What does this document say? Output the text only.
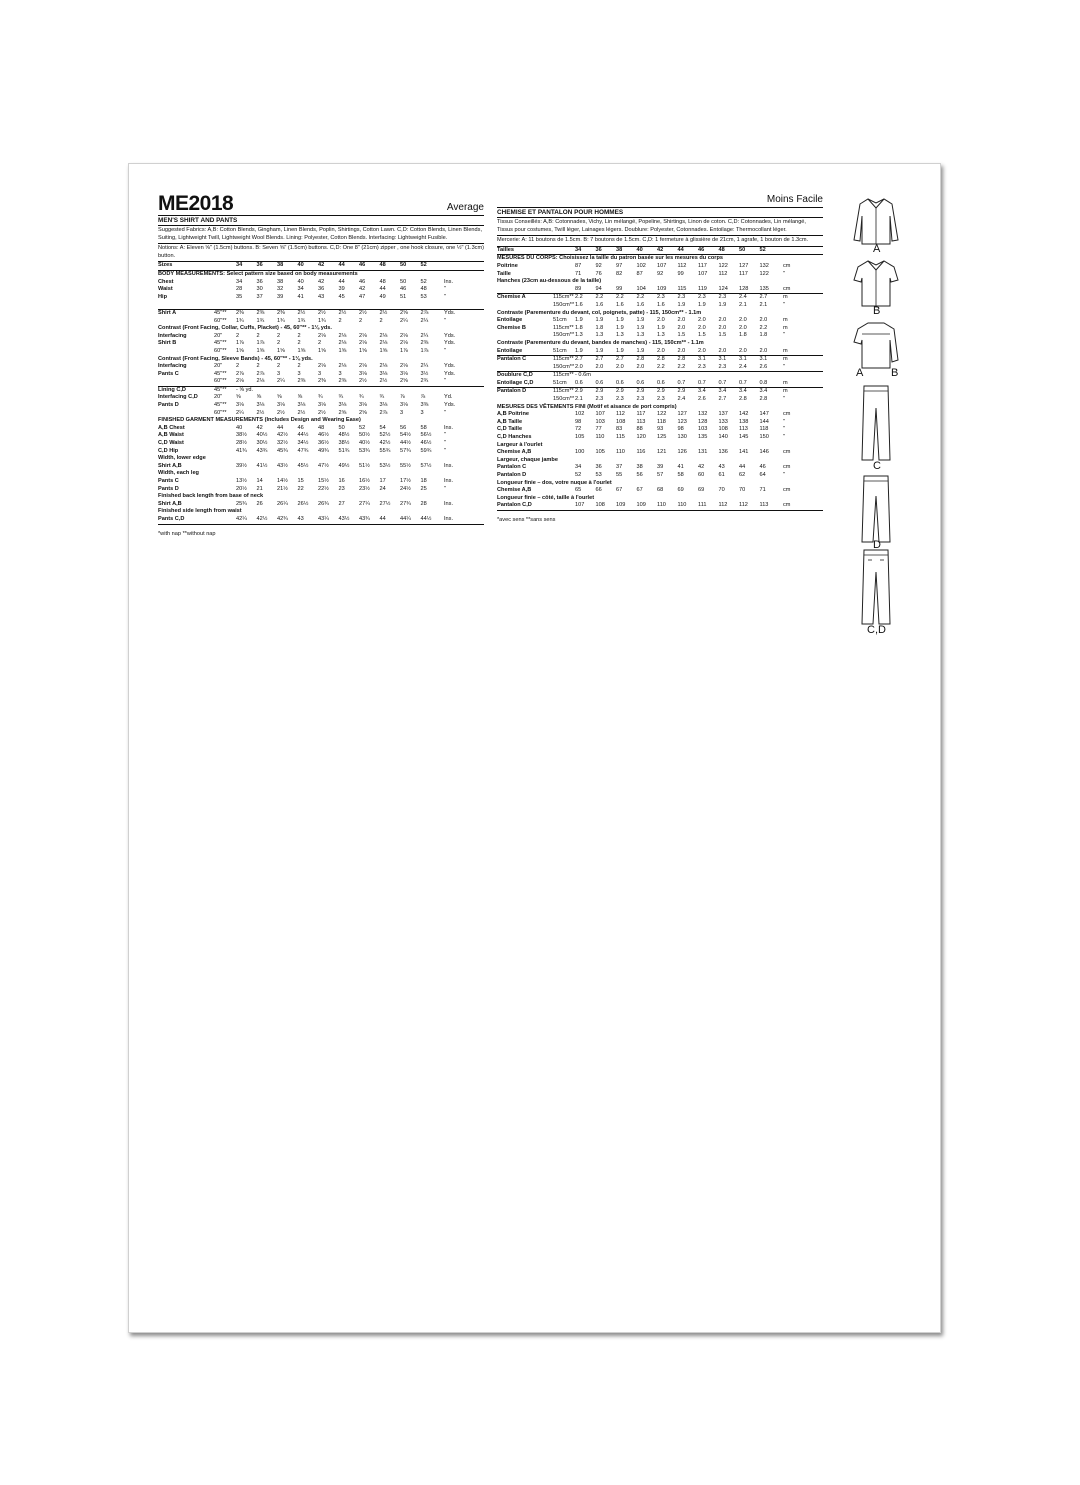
ME2018	Average
MEN'S SHIRT AND PANTS
Suggested Fabrics: A,B: Cotton Blends, Gingham, Linen Blends, Poplin, Shirtings, Cotton Lawn. C,D: Cotton Blends, Linen Blends, Suiting, Lightweight Twill, Lightweight Wool Blends. Lining: Polyester, Cotton Blends. Interfacing: Lightweight Fusible.
Notions: A: Eleven ⅝" (1.5cm) buttons. B: Seven ⅝" (1.5cm) buttons. C,D: One 8" (21cm) zipper , one hook closure, one ½" (1.3cm) button.
Sizes	34	36	38	40	42	44	46	48	50	52
BODY MEASUREMENTS: Select pattern size based on body measurements
Chest	34	36	38	40	42	44	46	48	50	52	Ins.
Waist	28	30	32	34	36	39	42	44	46	48	"
Hip	35	37	39	41	43	45	47	49	51	53	"
Shirt A	45"**	2⅜	2⅜	2⅜	2½	2½	2½	2½	2½	2⅝	2⅞	Yds.
60"**	1¾	1¾	1¾	1¾	1¾	2	2	2	2¼	2¼	"
Contrast (Front Facing, Collar, Cuffs, Placket) - 45, 60"** - 1⅛ yds.
Interfacing	20"	2	2	2	2	2⅛	2⅛	2⅛	2⅛	2⅛	2¼	Yds.
Shirt B	45"**	1⅞	1⅞	2	2	2	2⅛	2⅛	2⅛	2⅛	2⅜	Yds.
60"**	1⅝	1⅝	1⅝	1⅝	1⅝	1⅝	1⅝	1⅝	1⅞	1⅞	"
Contrast (Front Facing, Sleeve Bands) - 45, 60"** - 1⅛ yds.
Interfacing	20"	2	2	2	2	2⅛	2⅛	2⅛	2⅛	2⅛	2¼	Yds.
Pants C	45"**	2⅞	2⅞	3	3	3	3	3⅛	3⅛	3⅛	3½	Yds.
60"**	2⅛	2⅛	2¼	2⅜	2⅜	2⅜	2½	2½	2⅝	2¾	"
Lining C,D	45"**	- ⅝ yd.
Interfacing C,D	20"	⅝	⅝	⅝	⅝	¾	¾	¾	¾	⅞	⅞	Yd.
Pants D	45"**	3⅛	3⅛	3⅛	3⅛	3⅛	3⅛	3⅛	3⅛	3⅛	3⅜	Yds.
60"**	2¼	2½	2½	2½	2½	2⅝	2⅝	2⅞	3	3	"
FINISHED GARMENT MEASUREMENTS (Includes Design and Wearing Ease)
A,B Chest	40	42	44	46	48	50	52	54	56	58	Ins.
A,B Waist	38½	40½	42½	44½	46½	48½	50½	52½	54½	56½	"
C,D Waist	28½	30½	32½	34½	36½	38½	40½	42½	44½	46½	"
C,D Hip	41¾	43¾	45¾	47¾	49¾	51¾	53¾	55¾	57¾	59¾	"
Width, lower edge
Shirt A,B	39½	41½	43½	45½	47½	49½	51½	53½	55½	57½	Ins.
Width, each leg
Pants C	13½	14	14½	15	15½	16	16½	17	17½	18	Ins.
Pants D	20½	21	21½	22	22½	23	23½	24	24½	25	"
Finished back length from base of neck
Shirt A,B	25¾	26	26¼	26½	26¾	27	27¼	27½	27¾	28	Ins.
Finished side length from waist
Pants C,D	42¼	42½	42¾	43	43¼	43½	43¾	44	44¼	44½	Ins.
*with nap **without nap
Moins Facile
CHEMISE ET PANTALON POUR HOMMES
Tissus Conseillés: A,B: Cotonnades, Vichy, Lin mélangé, Popeline, Shirtings, Linon de coton. C,D: Cotonnades, Lin mélangé, Tissus pour costumes, Twill léger, Lainages légers. Doublure: Polyester, Cotonnades. Entoilage: Thermocollant léger.
Mercerie: A: 11 boutons de 1.5cm. B: 7 boutons de 1.5cm. C,D: 1 fermeture à glissière de 21cm, 1 agrafe, 1 bouton de 1.3cm.
Tailles	34	36	38	40	42	44	46	48	50	52
MESURES DU CORPS: Choisissez la taille du patron basée sur les mesures du corps
Poitrine	87	92	97	102	107	112	117	122	127	132	cm
Taille	71	76	82	87	92	99	107	112	117	122	"
Hanches (23cm au-dessous de la taille)
89	94	99	104	109	115	119	124	128	135	cm
Chemise A	115cm** 2.2	2.2	2.2	2.2	2.3	2.3	2.3	2.3	2.4	2.7	m
150cm** 1.6	1.6	1.6	1.6	1.6	1.9	1.9	1.9	2.1	2.1	"
Contraste (Parementure du devant, col, poignets, patte) - 115, 150cm** - 1.1m
Entoilage	51cm	1.9	1.9	1.9	1.9	2.0	2.0	2.0	2.0	2.0	2.0	m
Chemise B	115cm** 1.8	1.8	1.9	1.9	1.9	2.0	2.0	2.0	2.0	2.2	m
150cm** 1.3	1.3	1.3	1.3	1.3	1.5	1.5	1.5	1.8	1.8	"
Contraste (Parementure du devant, bandes de manches) - 115, 150cm** - 1.1m
Entoilage	51cm	1.9	1.9	1.9	1.9	2.0	2.0	2.0	2.0	2.0	2.0	m
Pantalon C	115cm** 2.7	2.7	2.7	2.8	2.8	2.8	3.1	3.1	3.1	3.1	m
150cm** 2.0	2.0	2.0	2.0	2.2	2.2	2.3	2.3	2.4	2.6	"
Doublure C,D	115cm** - 0.6m
Entoilage C,D	51cm	0.6	0.6	0.6	0.6	0.6	0.7	0.7	0.7	0.7	0.8	m
Pantalon D	115cm** 2.9	2.9	2.9	2.9	2.9	2.9	3.4	3.4	3.4	3.4	m
150cm** 2.1	2.3	2.3	2.3	2.3	2.4	2.6	2.7	2.8	2.8	"
MESURES DES VÊTEMENTS FINI (Motif et aisance de port compris)
A,B Poitrine	102	107	112	117	122	127	132	137	142	147	cm
A,B Taille	98	103	108	113	118	123	128	133	138	144	"
C,D Taille	72	77	83	88	93	98	103	108	113	118	"
C,D Hanches	105	110	115	120	125	130	135	140	145	150	"
Largeur à l'ourlet
Chemise A,B	100	105	110	116	121	126	131	136	141	146	cm
Largeur, chaque jambe
Pantalon C	34	36	37	38	39	41	42	43	44	46	cm
Pantalon D	52	53	55	56	57	58	60	61	62	64	"
Longueur finie – dos, votre nuque à l'ourlet
Chemise A,B	65	66	67	67	68	69	69	70	70	71	cm
Longueur finie – côté, taille à l'ourlet
Pantalon C,D	107	108	109	109	110	110	111	112	112	113	cm
*avec sens **sans sens
A
B
A	B
C
D
C,D
